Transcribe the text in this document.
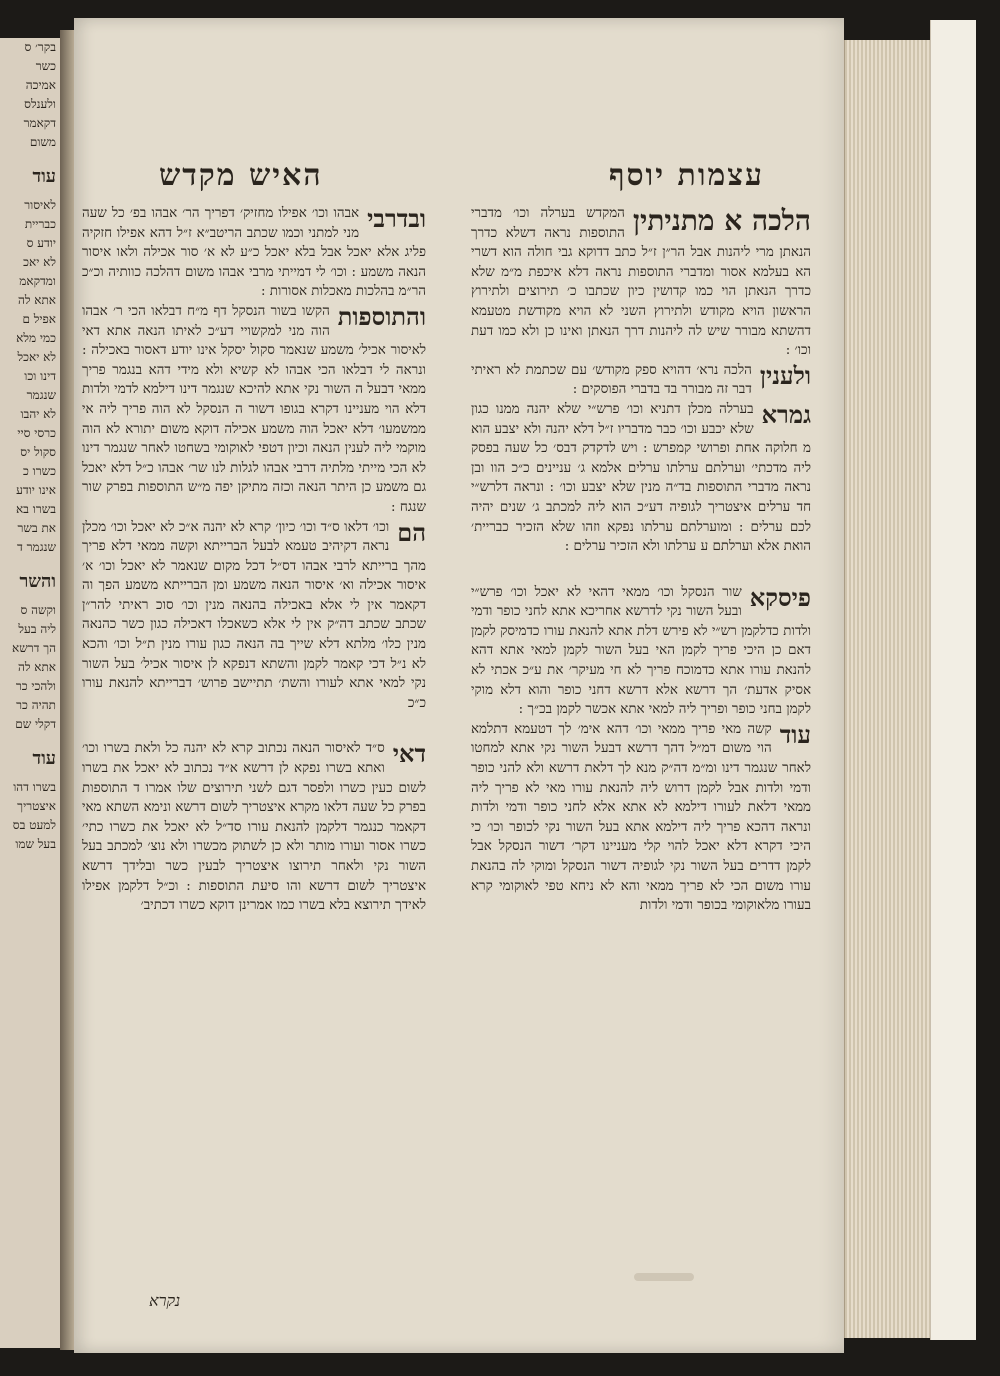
בקר׳ ס
כשר
אמיכה
ולענלס
דקאמר
משום
עוד
לאיסור
כבריית
יודע ס
לא יאכ
ומדקאמ
אתא לה
אפיל ם
כמי מלא
לא יאכל
דינו וכו
שנגמר
לא יהבו
כרסי סיי
סקול יס
כשרו כ
אינו יודע
בשרו בא
את בשר
שנגמר ד
והשר
וקשה ס
ליה בעל
הך דרשא
אתא לה
ולהכי כר
תהיה כר
דקלי שם
עוד
בשרו דהו
איצטריך
למעט בס
בעל שמו
עצמות יוסף
האיש מקדש
הלכה א מתניתין
המקדש בערלה וכו׳ מדברי התוספות נראה דשלא כדרך הנאתן מרי ליהנות אבל הר״ן ז״ל כתב דדוקא גבי חולה הוא דשרי הא בעלמא אסור ומדברי התוספות נראה דלא איכפת מ״מ שלא כדרך הנאתן הוי כמו קדושין כיון שכתבו כ׳ תירוצים ולתירוץ הראשון הויא מקודש ולתירוץ השני לא הויא מקודשת מטעמא דהשתא מבורר שיש לה ליהנות דרך הנאתן ואינו כן ולא כמו דעת וכו׳ :
ולענין
הלכה נרא׳ דהויא ספק מקודש׳ עם שכתמת לא ראיתי דבר זה מבורר בד בדברי הפוסקים :
גמרא
בערלה מכלן דתניא וכו׳ פרש״י שלא יהנה ממנו כגון שלא יכבע וכו׳ כבר מדבריו ז״ל דלא יהנה ולא יצבע הוא מ חלוקה אחת ופרושי קמפרש : ויש לדקדק דבס׳ כל שעה בפסק ליה מדכתי׳ וערלתם ערלתו ערלים אלמא ג׳ עניינים כ״כ הוו ובן נראה מדברי התוספות בד״ה מנין שלא יצבע וכו׳ : ונראה דלרש״י חד ערלים איצטריך לגופיה דע״כ הוא ליה למכתב ג׳ שנים יהיה לכם ערלים : ומוערלתם ערלתו נפקא וזהו שלא הזכיר כבריית׳ הואת אלא וערלתם ע ערלתו ולא הזכיר ערלים :
פיסקא
שור הנסקל וכו׳ ממאי דהאי לא יאכל וכו׳ פרש״י ובעל השור נקי לדרשא אחריכא אתא לחני כופר ודמי ולדות כדלקמן רש״י לא פירש דלת אתא להנאת עורו כדמיסק לקמן דאם כן היכי פריך לקמן האי בעל השור לקמן למאי אתא דהא להנאת עורו אתא כדמוכח פריך לא חי מעיקר׳ את ע״כ אכתי לא אסיק אדעת׳ הך דרשא אלא דרשא דחני כופר והוא דלא מוקי לקמן בחני כופר ופריך ליה למאי אתא אכשר לקמן בכ״ך :
עוד
קשה מאי פריך ממאי וכו׳ דהא אימ׳ לך דטעמא דתלמא הוי משום דמ״ל דהך דרשא דבעל השור נקי אתא למחטו לאחר שנגמר דינו ומ״מ דה״ק מנא לך דלאת דרשא ולא להני כופר ודמי ולדות אבל לקמן דרוש ליה להנאת עורו מאי לא פריך ליה ממאי דלאת לעורו דילמא לא אתא אלא לחני כופר ודמי ולדות ונראה דהכא פריך ליה דילמא אתא בעל השור נקי לכופר וכו׳ כי היכי דקרא דלא יאכל להוי קלי מעניינו דקר׳ דשור הנסקל אבל לקמן דדרים בעל השור נקי לגופיה דשור הנסקל ומוקי לה בהנאת עורו משום הכי לא פריך ממאי והא לא ניחא טפי לאוקומי קרא בעורו מלאוקומי בכופר ודמי ולדות
ובדרבי
אבהו וכו׳ אפילו מחזיק׳ דפריך הר׳ אבהו בפ׳ כל שעה מני למתני וכמו שכתב הריטב״א ז״ל דהא אפילו חזקיה פליג אלא יאכל אבל בלא יאכל כ״ע לא א׳ סור אכילה ולאו איסור הנאה משמע : וכו׳ לי דמייתי מרבי אבהו משום דהלכה כוותיה וכ״כ הר״מ בהלכות מאכלות אסורות :
והתוספות
הקשו בשור הנסקל דף מ״ח דבלאו הכי ר׳ אבהו הוה מני למקשויי דע״כ לאיתו הנאה אתא דאי לאיסור אכיל׳ משמע שנאמר סקול יסקל אינו יודע דאסור באכילה : ונראה לי דבלאו הכי אבהו לא קשיא ולא מידי דהא בנגמר פריך ממאי דבעל ה השור נקי אתא להיכא שנגמר דינו דילמא לדמי ולדות דלא הוי מעניינו דקרא בגופו דשור ה הנסקל לא הוה פריך ליה אי ממשמעו׳ דלא יאכל הוה משמע אכילה דוקא משום יתורא לא הוה מוקמי ליה לענין הנאה וכיון דטפי לאוקומי בשחטו לאחר שנגמר דינו לא הכי מייתי מלתיה דרבי אבהו לגלות לנו שר׳ אבהו כ״ל דלא יאכל גם משמע כן היתר הנאה וכזה מתיקן יפה מ״ש התוספות בפרק שור שנגח :
הם
וכו׳ דלאו ס״ד וכו׳ כיון׳ קרא לא יהנה א״כ לא יאכל וכו׳ מכלן נראה דקיהיב טעמא לבעל הברייתא וקשה ממאי דלא פריך מהך ברייתא לרבי אבהו דס״ל דכל מקום שנאמר לא יאכל וכו׳ א׳ איסור אכילה וא׳ איסור הנאה משמע ומן הברייתא משמע הפך וה דקאמר אין לי אלא באכילה בהנאה מנין וכו׳ סוכ ראיתי להר״ן שכתב שכתב דה״ק אין לי אלא כשאכלו דאכילה כגון כשר כהנאה מנין כלו׳ מלתא דלא שייך בה הנאה כגון עורו מנין ת״ל וכו׳ והכא לא נ״ל דכי קאמר לקמן והשתא דנפקא לן איסור אכיל׳ בעל השור נקי למאי אתא לעורו והשת׳ תתיישב פרוש׳ דברייתא להנאת עורו כ״כ
דאי
ס״ד לאיסור הנאה נכתוב קרא לא יהנה כל ולאת בשרו וכו׳ ואתא בשרו נפקא לן דרשא א״ד נכתוב לא יאכל את בשרו לשום כעין כשרו ולפסר דגם לשני תירוצים שלו אמרו ד התוספות בפרק כל שעה דלאו מקרא איצטריך לשום דרשא ונימא השתא מאי דקאמר כנגמר דלקמן להנאת עורו סד״ל לא יאכל את כשרו כתי׳ כשרו אסור ועורו מותר ולא כן לשתוק מכשרו ולא נוצ׳ למכתב בעל השור נקי ולאחר תירוצו איצטריך לבעין כשר ובלידך דרשא איצטריך לשום דרשא והו סיעת התוספות : וכ״ל דלקמן אפילו לאידך תירוצא בלא בשרו כמו אמרינן דוקא כשרו דכתיב׳
נקרא
